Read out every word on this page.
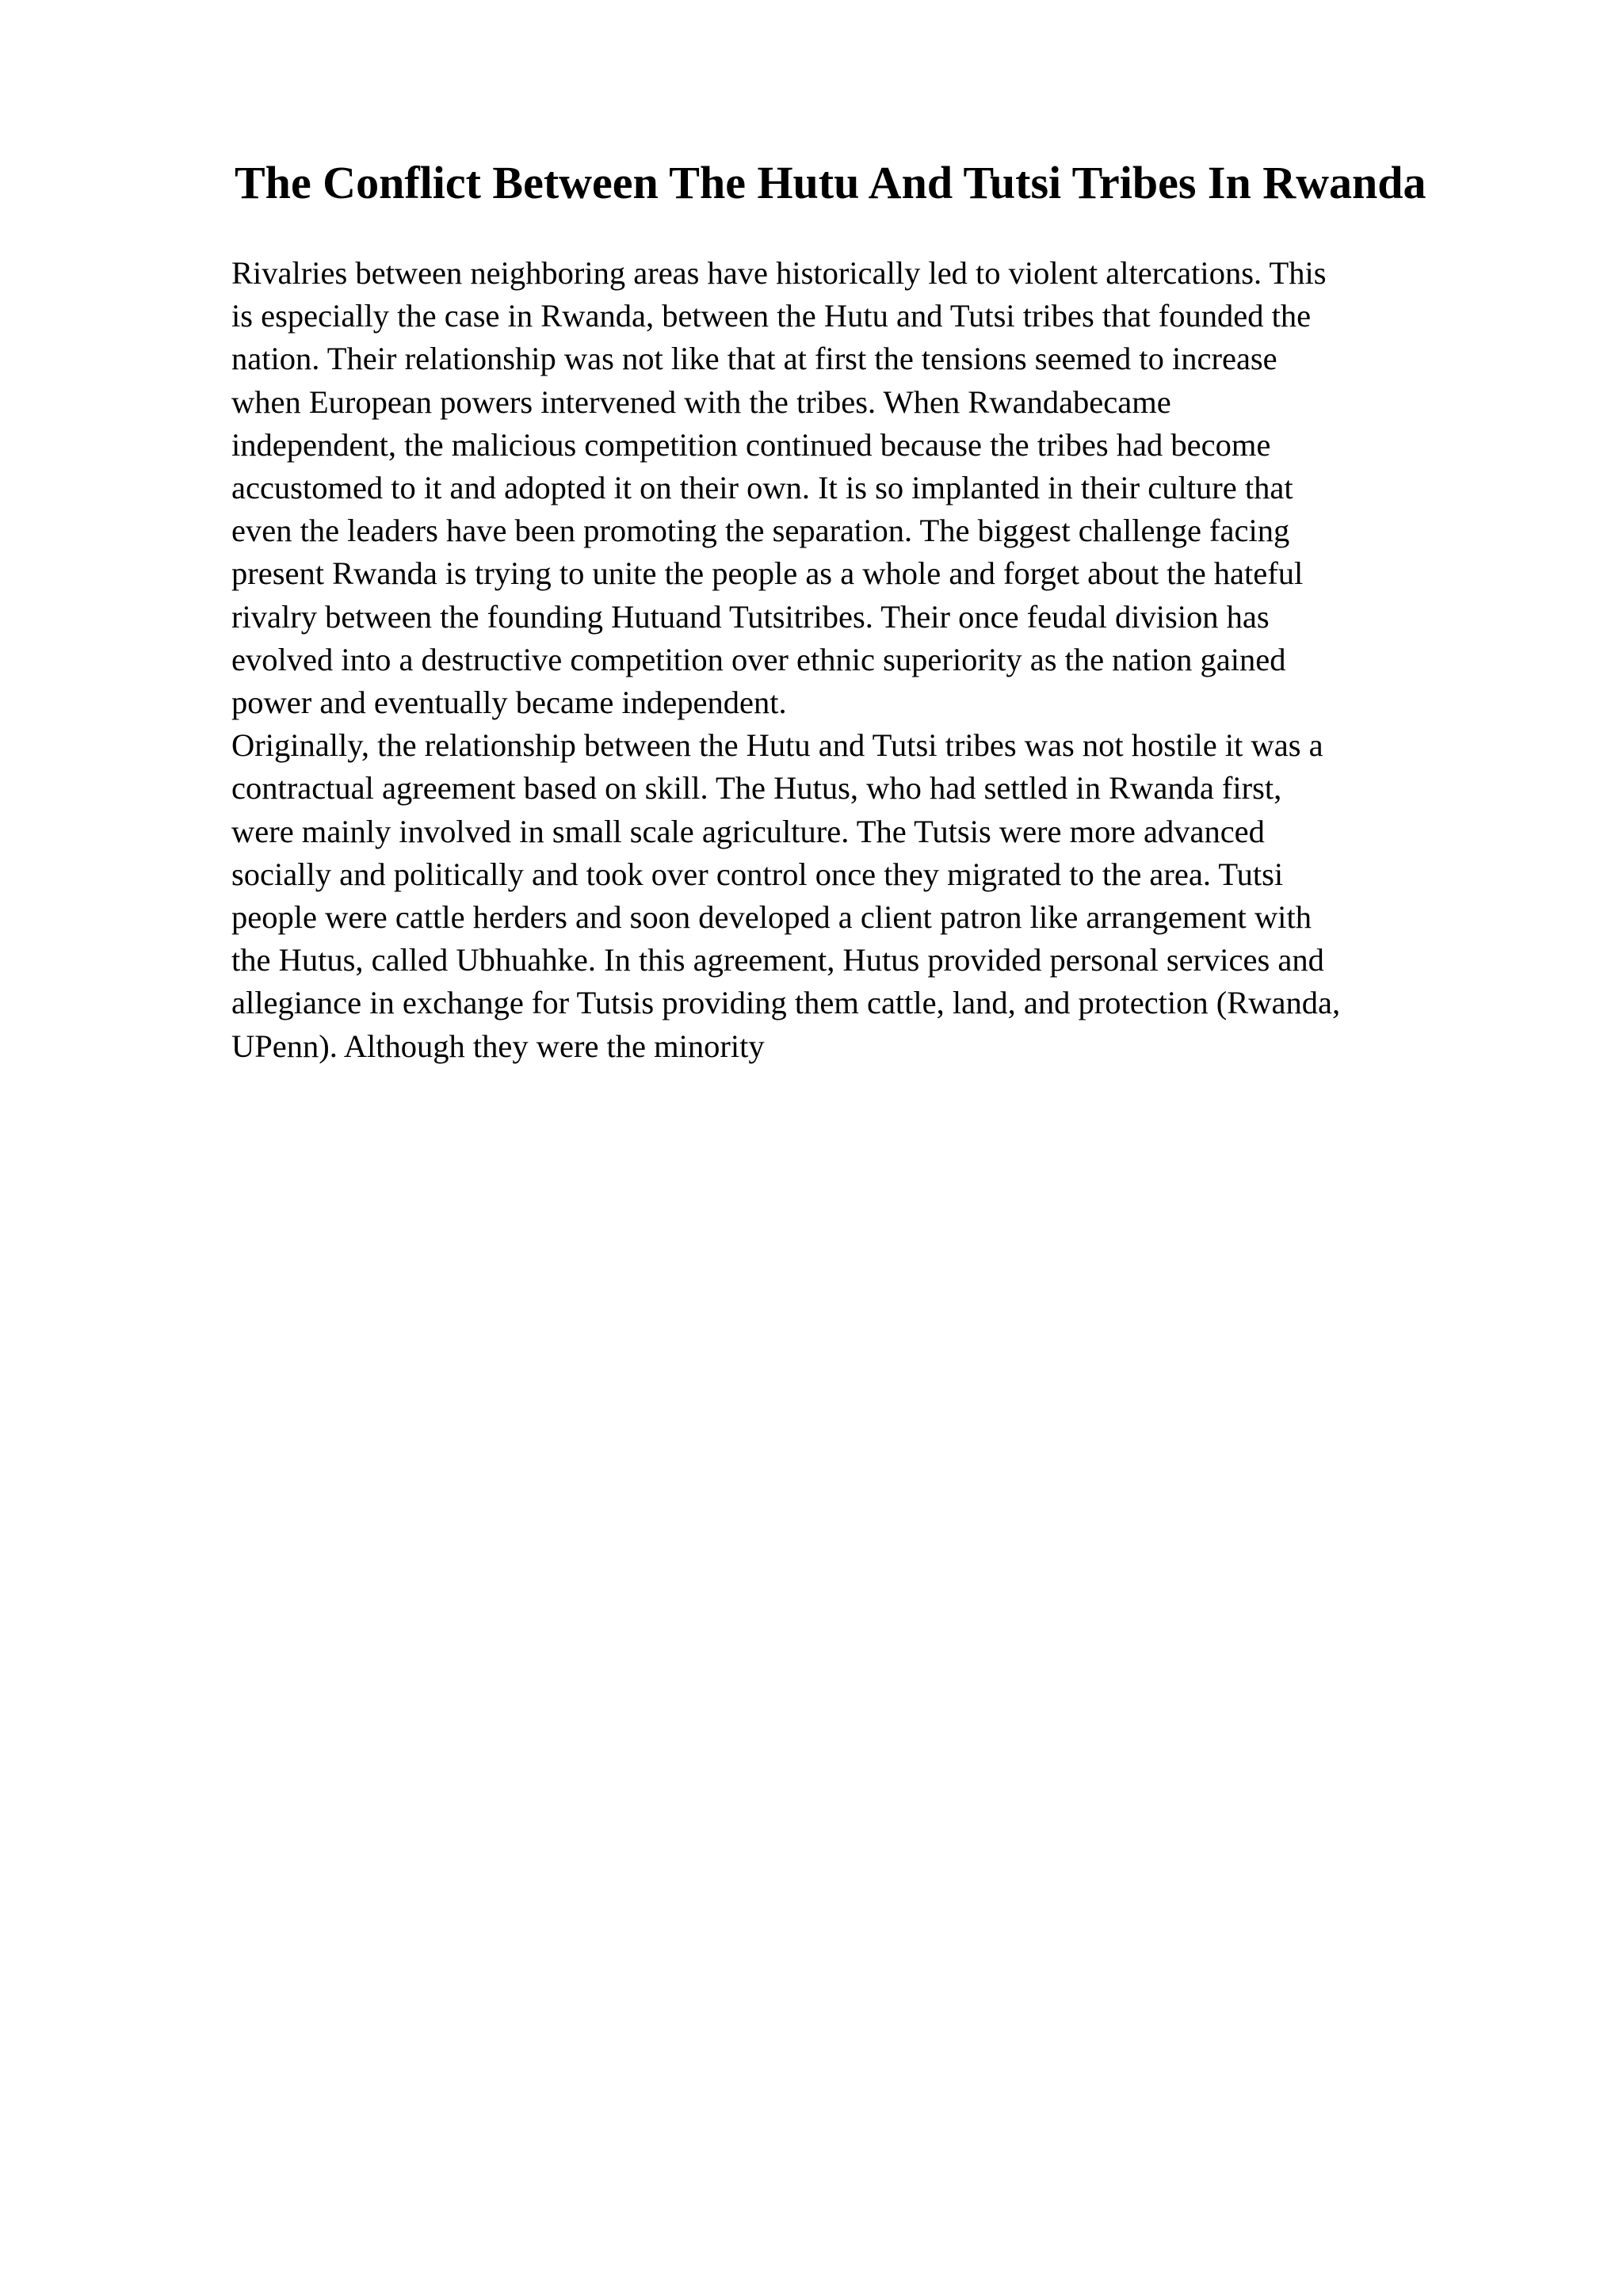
The Conflict Between The Hutu And Tutsi Tribes In Rwanda
Rivalries between neighboring areas have historically led to violent altercations. This
is especially the case in Rwanda, between the Hutu and Tutsi tribes that founded the
nation. Their relationship was not like that at first the tensions seemed to increase
when European powers intervened with the tribes. When Rwandabecame
independent, the malicious competition continued because the tribes had become
accustomed to it and adopted it on their own. It is so implanted in their culture that
even the leaders have been promoting the separation. The biggest challenge facing
present Rwanda is trying to unite the people as a whole and forget about the hateful
rivalry between the founding Hutuand Tutsitribes. Their once feudal division has
evolved into a destructive competition over ethnic superiority as the nation gained
power and eventually became independent.
Originally, the relationship between the Hutu and Tutsi tribes was not hostile it was a
contractual agreement based on skill. The Hutus, who had settled in Rwanda first,
were mainly involved in small scale agriculture. The Tutsis were more advanced
socially and politically and took over control once they migrated to the area. Tutsi
people were cattle herders and soon developed a client patron like arrangement with
the Hutus, called Ubhuahke. In this agreement, Hutus provided personal services and
allegiance in exchange for Tutsis providing them cattle, land, and protection (Rwanda,
UPenn). Although they were the minority
